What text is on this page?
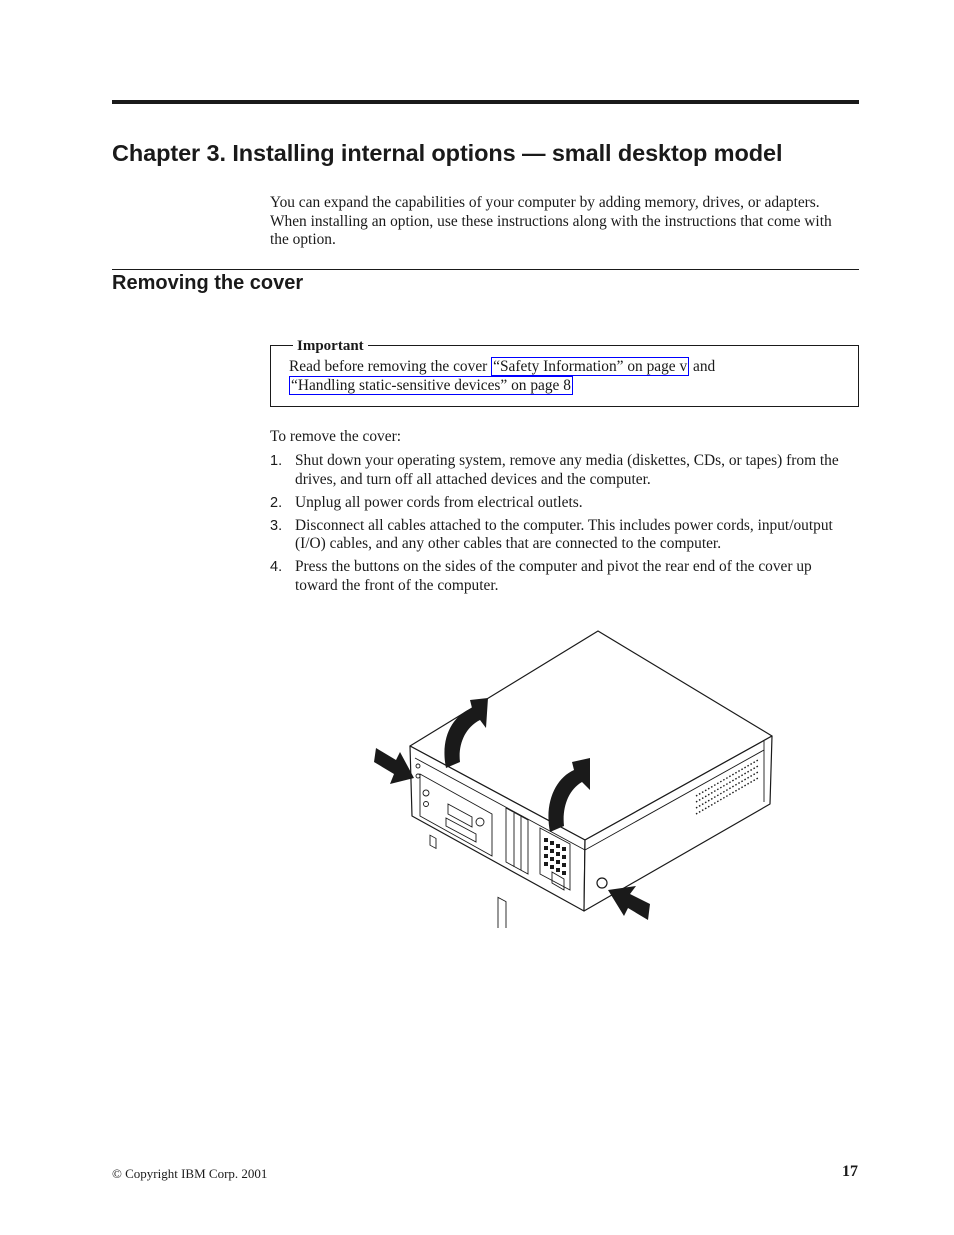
Chapter 3. Installing internal options — small desktop model

You can expand the capabilities of your computer by adding memory, drives, or adapters. When installing an option, use these instructions along with the instructions that come with the option.

Removing the cover
Important

Read before removing the cover “Safety Information” on page v and
“Handling static-sensitive devices” on page 8

To remove the cover:

1. Shut down your operating system, remove any media (diskettes, CDs, or tapes) from the drives, and turn off all attached devices and the computer.
2. Unplug all power cords from electrical outlets.
3. Disconnect all cables attached to the computer. This includes power cords, input/output (I/O) cables, and any other cables that are connected to the computer.
4. Press the buttons on the sides of the computer and pivot the rear end of the cover up toward the front of the computer.
© Copyright IBM Corp. 2001	17
